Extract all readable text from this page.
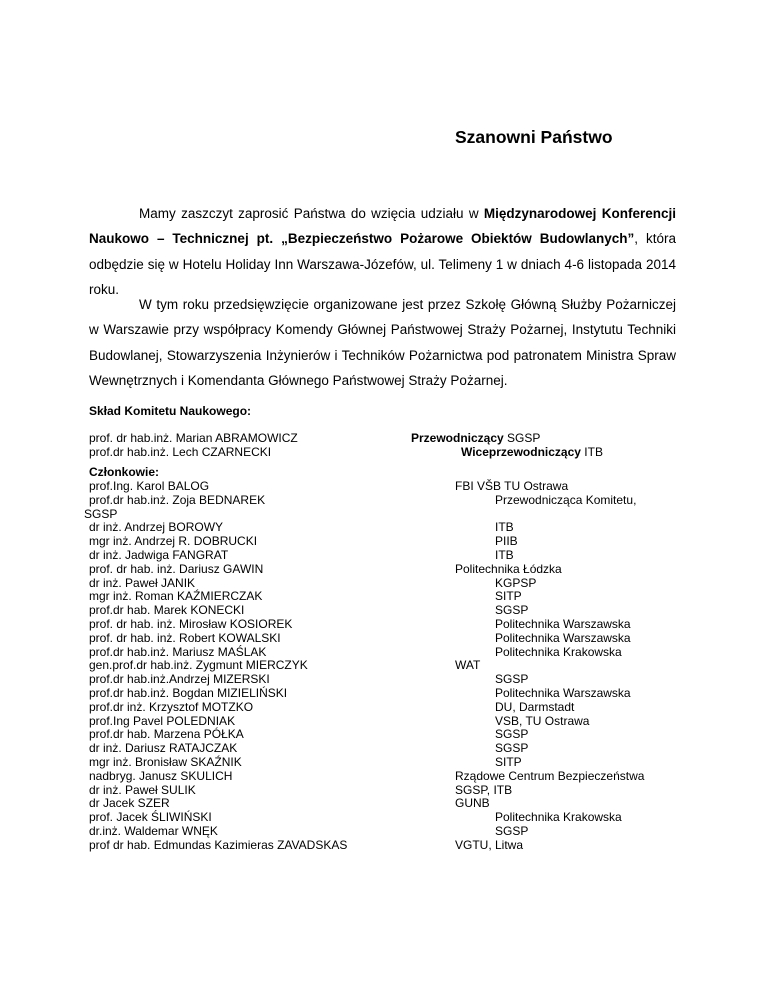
Szanowni Państwo

Mamy zaszczyt zaprosić Państwa do wzięcia udziału w Międzynarodowej Konferencji Naukowo – Technicznej pt. „Bezpieczeństwo Pożarowe Obiektów Budowlanych”, która odbędzie się w Hotelu Holiday Inn Warszawa-Józefów, ul. Telimeny 1 w dniach 4-6 listopada 2014 roku.

W tym roku przedsięwzięcie organizowane jest przez Szkołę Główną Służby Pożarniczej w Warszawie przy współpracy Komendy Głównej Państwowej Straży Pożarnej, Instytutu Techniki Budowlanej, Stowarzyszenia Inżynierów i Techników Pożarnictwa pod patronatem Ministra Spraw Wewnętrznych i Komendanta Głównego Państwowej Straży Pożarnej.

Skład Komitetu Naukowego:
prof. dr hab.inż. Marian ABRAMOWICZ
prof.dr hab.inż. Lech CZARNECKI
Przewodniczący SGSP
Wiceprzewodniczący ITB
Członkowie:
prof.Ing. Karol BALOG
prof.dr hab.inż. Zoja BEDNAREK
SGSP
dr inż. Andrzej BOROWY
mgr inż. Andrzej R. DOBRUCKI
dr inż. Jadwiga FANGRAT
prof. dr hab. inż. Dariusz GAWIN
dr inż. Paweł JANIK
mgr inż. Roman KAŹMIERCZAK
prof.dr hab. Marek KONECKI
prof. dr hab. inż. Mirosław KOSIOREK
prof. dr hab. inż. Robert KOWALSKI
prof.dr hab.inż. Mariusz MAŚLAK
gen.prof.dr hab.inż. Zygmunt MIERCZYK
prof.dr hab.inż.Andrzej MIZERSKI
prof.dr hab.inż. Bogdan MIZIELIŃSKI
prof.dr inż. Krzysztof MOTZKO
prof.Ing Pavel POLEDNIAK
prof.dr hab. Marzena PÓŁKA
dr inż. Dariusz RATAJCZAK
mgr inż. Bronisław SKAŹNIK
nadbryg. Janusz SKULICH
dr inż. Paweł SULIK
dr Jacek SZER
prof. Jacek ŚLIWIŃSKI
dr.inż. Waldemar WNĘK
prof dr hab. Edmundas Kazimieras ZAVADSKAS
FBI VŠB TU Ostrawa
Przewodnicząca Komitetu,
ITB
PIIB
ITB
Politechnika Łódzka
KGPSP
SITP
SGSP
Politechnika Warszawska
Politechnika Warszawska
Politechnika Krakowska
WAT
SGSP
Politechnika Warszawska
DU, Darmstadt
VSB, TU Ostrawa
SGSP
SGSP
SITP
Rządowe Centrum Bezpieczeństwa
SGSP, ITB
GUNB
Politechnika Krakowska
SGSP
VGTU, Litwa
